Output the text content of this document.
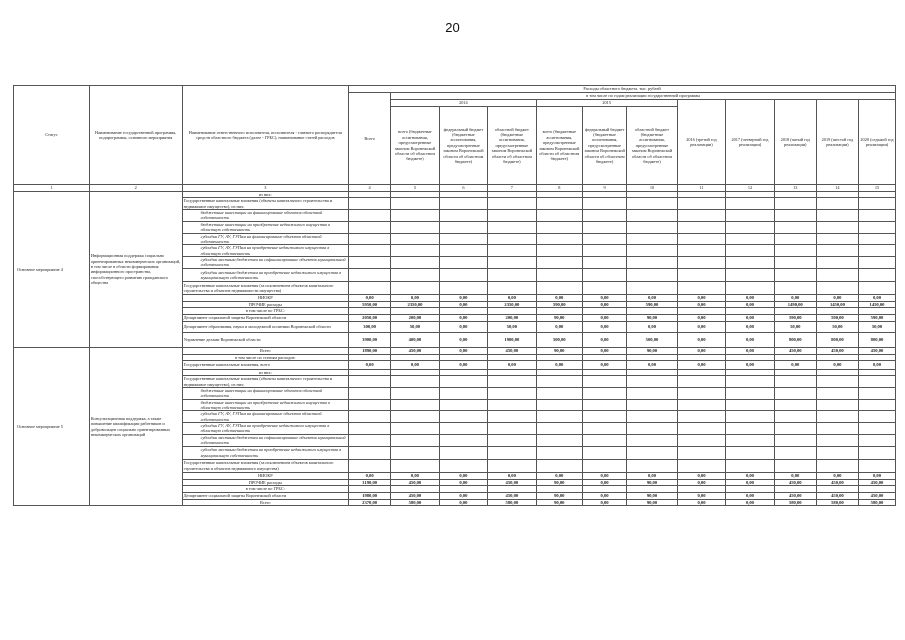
20
Статус	Наименование государственной программы, подпрограммы, основного мероприятия	Наименование ответственного исполнителя, исполнителя - главного распорядителя средств областного бюджета (далее - ГРБС), наименование статей расходов	Расходы областного бюджета, тыс. рублей											
			Всего	в том числе по годам реализации государственной программы										
				2014			2015			2016 (третий год реализации)	2017 (четвертый год реализации)	2018 (пятый год реализации)	2019 (шестой год реализации)	2020 (седьмой год реализации)
				всего (бюджетные ассигнования, предусмотренные законом Воронежской области об областном бюджете)	федеральный бюджет (бюджетные ассигнования, предусмотренные законом Воронежской области об областном бюджете)	областной бюджет (бюджетные ассигнования, предусмотренные законом Воронежской области об областном бюджете)	всего (бюджетные ассигнования, предусмотренные законом Воронежской области об областном бюджете)	федеральный бюджет (бюджетные ассигнования, предусмотренные законом Воронежской области об областном бюджете)	областной бюджет (бюджетные ассигнования, предусмотренные законом Воронежской области об областном бюджете)					
1	2	3	4	5	6	7	8	9	10	11	12	13	14	15
Основное мероприятие 4	Информационная поддержка социально ориентированных некоммерческих организаций, в том числе в области формирования информационного пространства, способствующего развитию гражданского общества	из них:												
		Государственные капитальные вложения (объекты капитального строительства и недвижимое имущество), из них:												
		бюджетные инвестиции на финансирование объектов областной собственности												
		бюджетные инвестиции на приобретение недвижимого имущества в областную собственность												
		субсидии ГУ, АУ, ГУПам на финансирование объектов областной собственности												
		субсидии ГУ, АУ, ГУПам на приобретение недвижимого имущества в областную собственность												
		субсидии местным бюджетам на софинансирование объектов муниципальной собственности												
		субсидии местным бюджетам на приобретение недвижимого имущества в муниципальную собственность												
		Государственные капитальные вложения (за исключением объектов капитального строительства и объектов недвижимости имущества)												
		НИОКР	0,00	0,00	0,00	0,00	0,00	0,00	0,00	0,00	0,00	0,00	0,00	0,00
		ПРОЧИЕ расходы	5950,00	2350,00	0,00	2350,00	590,00	0,00	590,00	0,00	0,00	1490,00	1450,00	1450,00
		в том числе по ГРБС:												
		Департамент социальной защиты Воронежской области	2050,00	200,00	0,00	200,00	90,00	0,00	90,00	0,00	0,00	590,00	590,00	590,00
		Департамент образования, науки и молодежной политики Воронежской области	300,00	50,00	0,00	50,00	0,00	0,00	0,00	0,00	0,00	50,00	50,00	50,00
		Управление делами Воронежской области	3900,00	400,00	0,00	1900,00	500,00	0,00	500,00	0,00	0,00	800,00	800,00	800,00
Основное мероприятие 5	Консультационная поддержка, а также повышение квалификации работников и добровольцев социально ориентированных некоммерческих организаций	Всего	1890,00	450,00	0,00	450,00	90,00	0,00	90,00	0,00	0,00	450,00	450,00	450,00
		в том числе по статьям расходов:												
		Государственные капитальные вложения, всего	0,00	0,00	0,00	0,00	0,00	0,00	0,00	0,00	0,00	0,00	0,00	0,00
		из них:												
		Государственные капитальные вложения (объекты капитального строительства и недвижимое имущество), из них:												
		бюджетные инвестиции на финансирование объектов областной собственности												
		бюджетные инвестиции на приобретение недвижимого имущества в областную собственность												
		субсидии ГУ, АУ, ГУПам на финансирование объектов областной собственности												
		субсидии ГУ, АУ, ГУПам на приобретение недвижимого имущества в областную собственность												
		субсидии местным бюджетам на софинансирование объектов муниципальной собственности												
		субсидии местным бюджетам на приобретение недвижимого имущества в муниципальную собственность												
		Государственные капитальные вложения (за исключением объектов капитального строительства и объектов недвижимого имущества)												
		НИОКР	0,00	0,00	0,00	0,00	0,00	0,00	0,00	0,00	0,00	0,00	0,00	0,00
		ПРОЧИЕ расходы	3190,00	450,00	0,00	450,00	90,00	0,00	90,00	0,00	0,00	450,00	450,00	450,00
		в том числе по ГРБС:												
		Департамент социальной защиты Воронежской области	1980,00	450,00	0,00	450,00	90,00	0,00	90,00	0,00	0,00	450,00	450,00	450,00
		Всего	2370,00	580,00	0,00	580,00	90,00	0,00	90,00	0,00	0,00	580,00	580,00	580,00
